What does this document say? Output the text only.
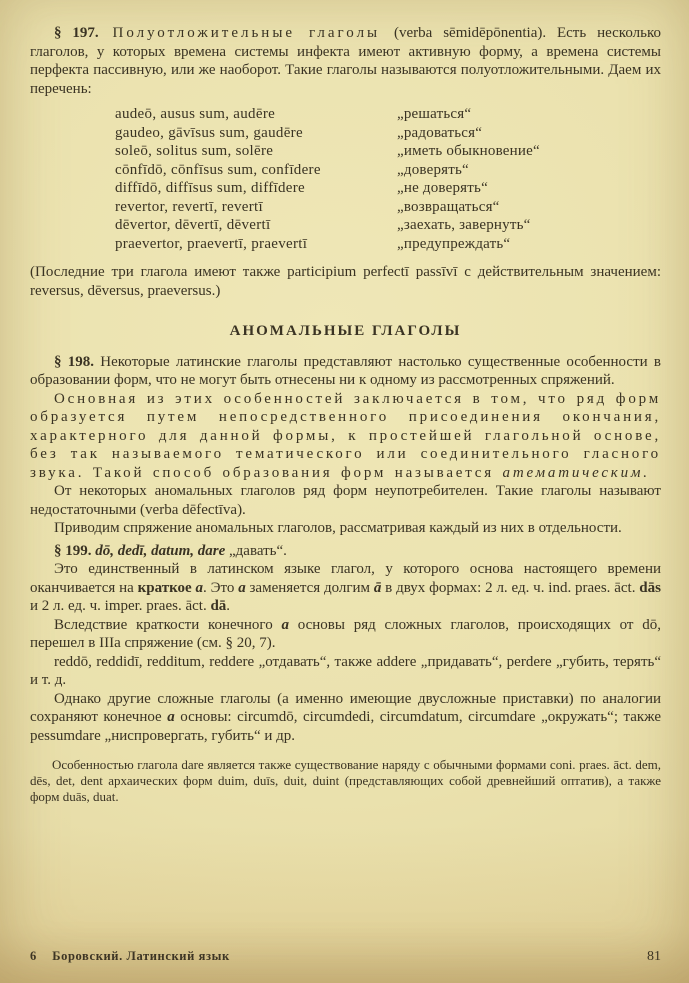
§ 197. Полуотложительные глаголы (verba sēmidēpōnentia). Есть несколько глаголов, у которых времена системы инфекта имеют активную форму, а времена системы перфекта пассивную, или же наоборот. Такие глаголы называются полуотложительными. Даем их перечень:

audeō, ausus sum, audēre	„решаться“
gaudeo, gāvīsus sum, gaudēre	„радоваться“
soleō, solitus sum, solēre	„иметь обыкновение“
cōnfīdō, cōnfīsus sum, confīdere	„доверять“
diffīdō, diffīsus sum, diffīdere	„не доверять“
revertor, revertī, revertī	„возвращаться“
dēvertor, dēvertī, dēvertī	„заехать, завернуть“
praevertor, praevertī, praevertī	„предупреждать“

(Последние три глагола имеют также participium perfectī passīvī с действительным значением: reversus, dēversus, praeversus.)

АНОМАЛЬНЫЕ ГЛАГОЛЫ

§ 198. Некоторые латинские глаголы представляют настолько существенные особенности в образовании форм, что не могут быть отнесены ни к одному из рассмотренных спряжений.

Основная из этих особенностей заключается в том, что ряд форм образуется путем непосредственного присоединения окончания, характерного для данной формы, к простейшей глагольной основе, без так называемого тематического или соединительного гласного звука. Такой способ образования форм называется атематическим.

От некоторых аномальных глаголов ряд форм неупотребителен. Такие глаголы называют недостаточными (verba dēfectīva).

Приводим спряжение аномальных глаголов, рассматривая каждый из них в отдельности.

§ 199. dō, dedī, datum, dare „давать“.

Это единственный в латинском языке глагол, у которого основа настоящего времени оканчивается на краткое a. Это a заменяется долгим ā в двух формах: 2 л. ед. ч. ind. praes. āct. dās и 2 л. ед. ч. imper. praes. āct. dā.

Вследствие краткости конечного a основы ряд сложных глаголов, происходящих от dō, перешел в IIIa спряжение (см. § 20, 7).

reddō, reddidī, redditum, reddere „отдавать“, также addere „придавать“, perdere „губить, терять“ и т. д.

Однако другие сложные глаголы (а именно имеющие двусложные приставки) по аналогии сохраняют конечное a основы: circumdō, circumdedi, circumdatum, circumdare „окружать“; также pessumdare „ниспровергать, губить“ и др.

Особенностью глагола dare является также существование наряду с обычными формами coni. praes. āct. dem, dēs, det, dent архаических форм duim, duīs, duit, duint (представляющих собой древнейший оптатив), а также форм duās, duat.

6 Боровский. Латинский язык	81
